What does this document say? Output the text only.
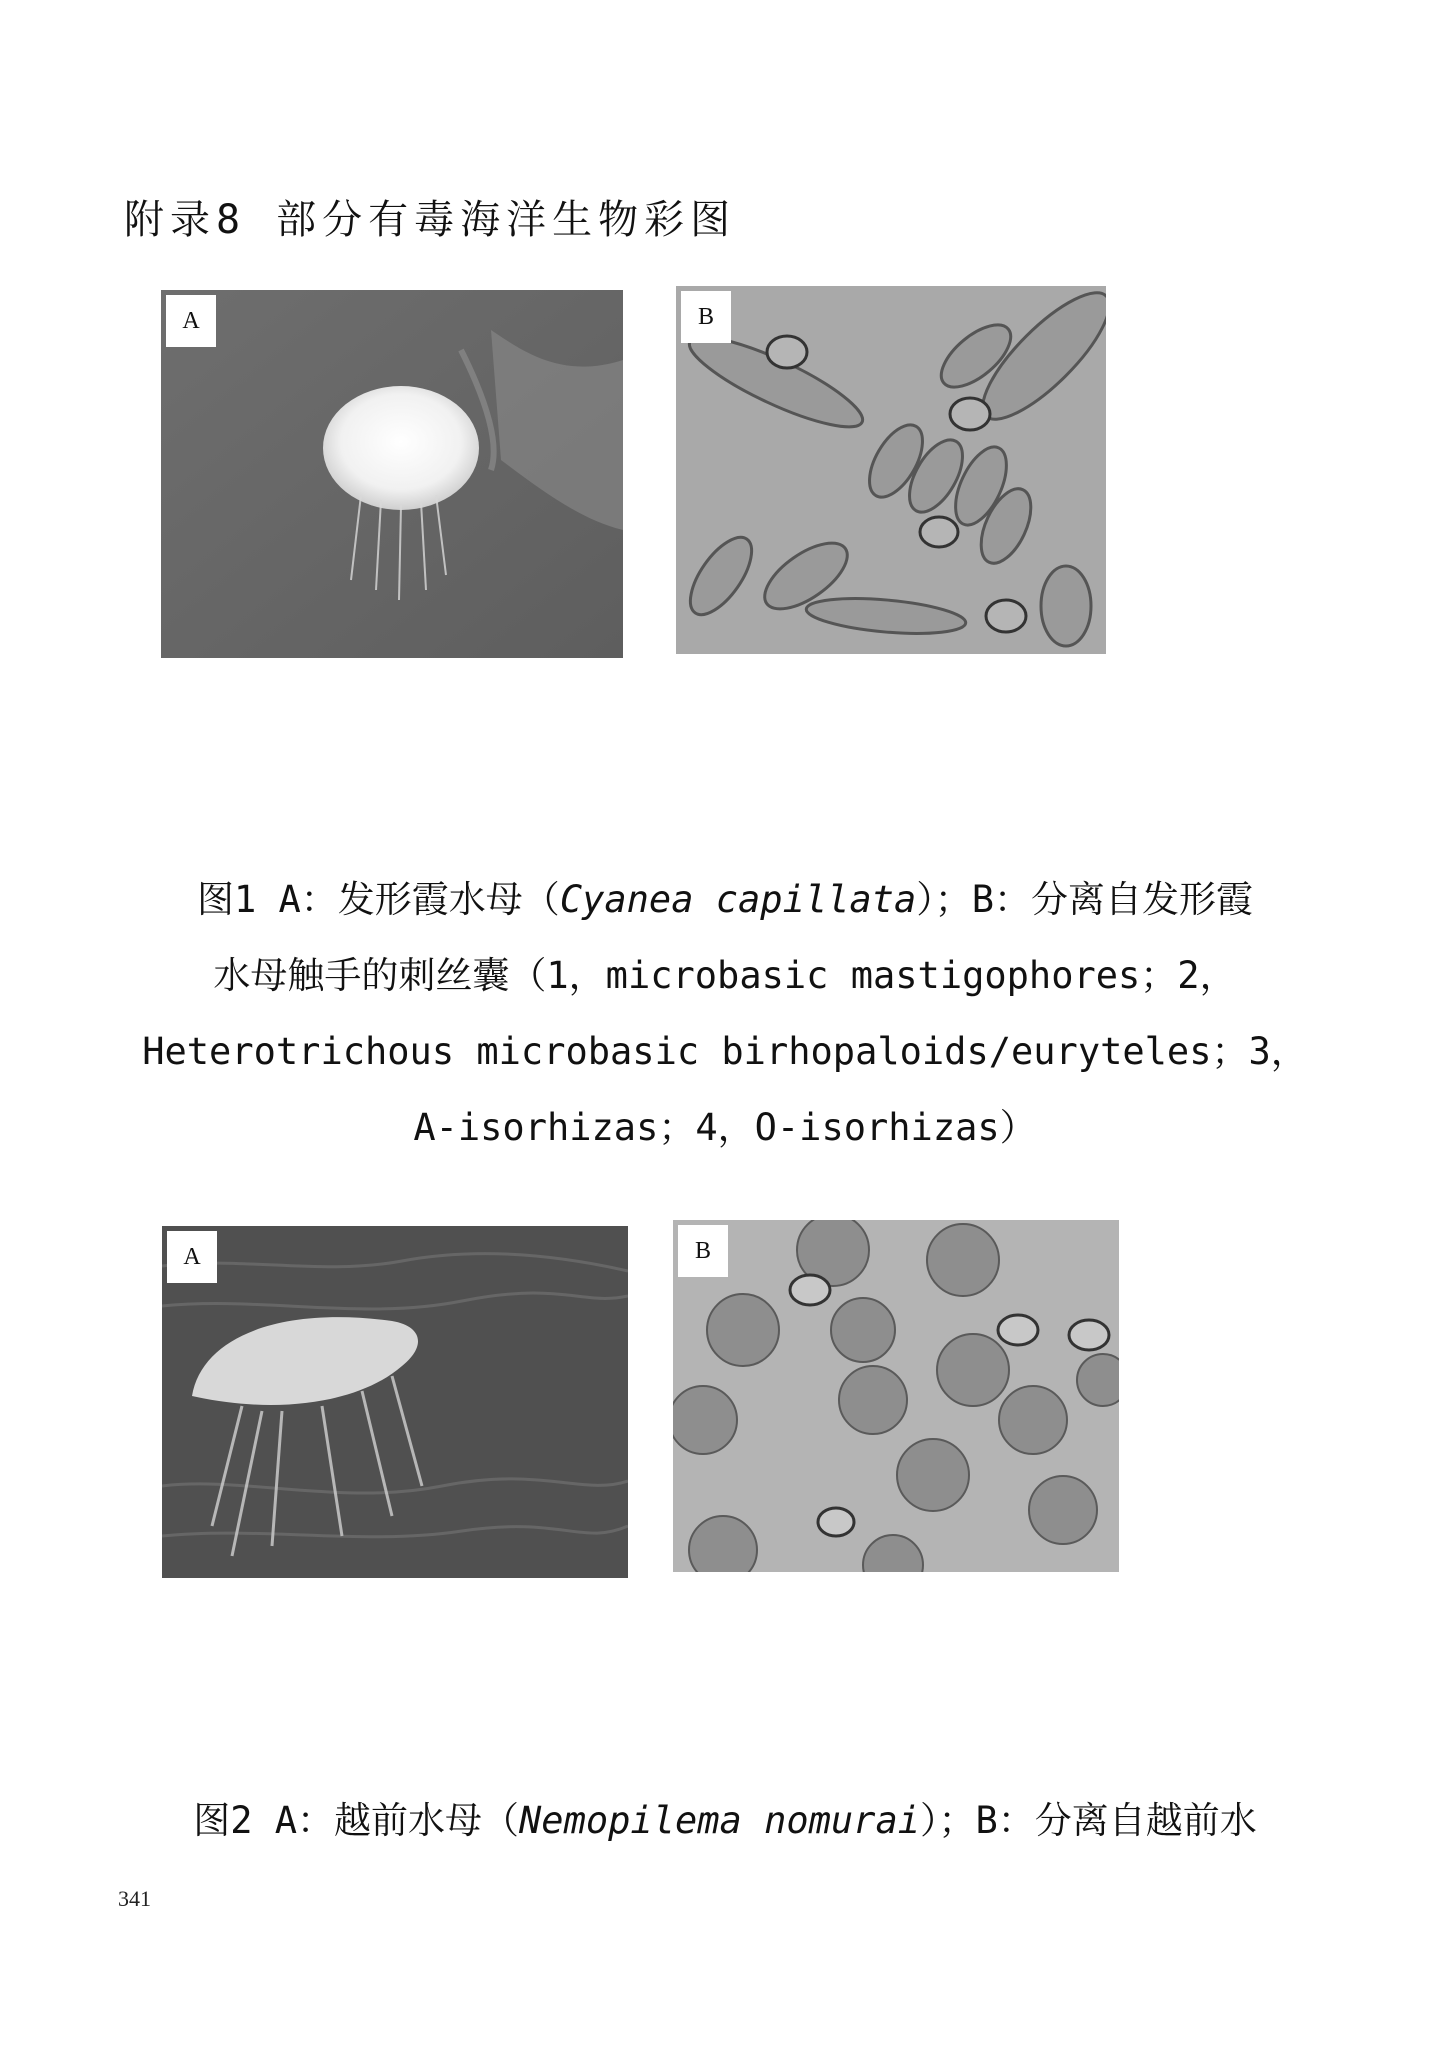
附录8 部分有毒海洋生物彩图
A	B
图1 A：发形霞水母（Cyanea capillata）；B：分离自发形霞
水母触手的刺丝囊（1，microbasic mastigophores；2，
Heterotrichous microbasic birhopaloids/euryteles；3，
A-isorhizas；4，O-isorhizas）
A	B
图2 A：越前水母（Nemopilema nomurai）；B：分离自越前水
341
